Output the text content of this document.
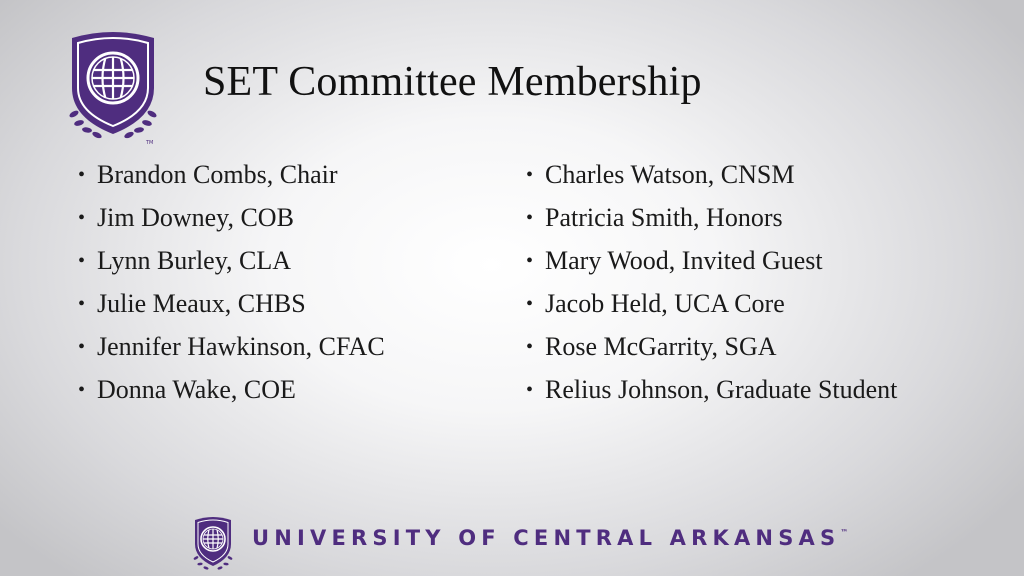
TM
SET Committee Membership
• Brandon Combs, Chair
• Jim Downey, COB
• Lynn Burley, CLA
• Julie Meaux, CHBS
• Jennifer Hawkinson, CFAC
• Donna Wake, COE
• Charles Watson, CNSM
• Patricia Smith, Honors
• Mary Wood, Invited Guest
• Jacob Held, UCA Core
• Rose McGarrity, SGA
• Relius Johnson, Graduate Student
UNIVERSITY OF CENTRAL ARKANSAS™
